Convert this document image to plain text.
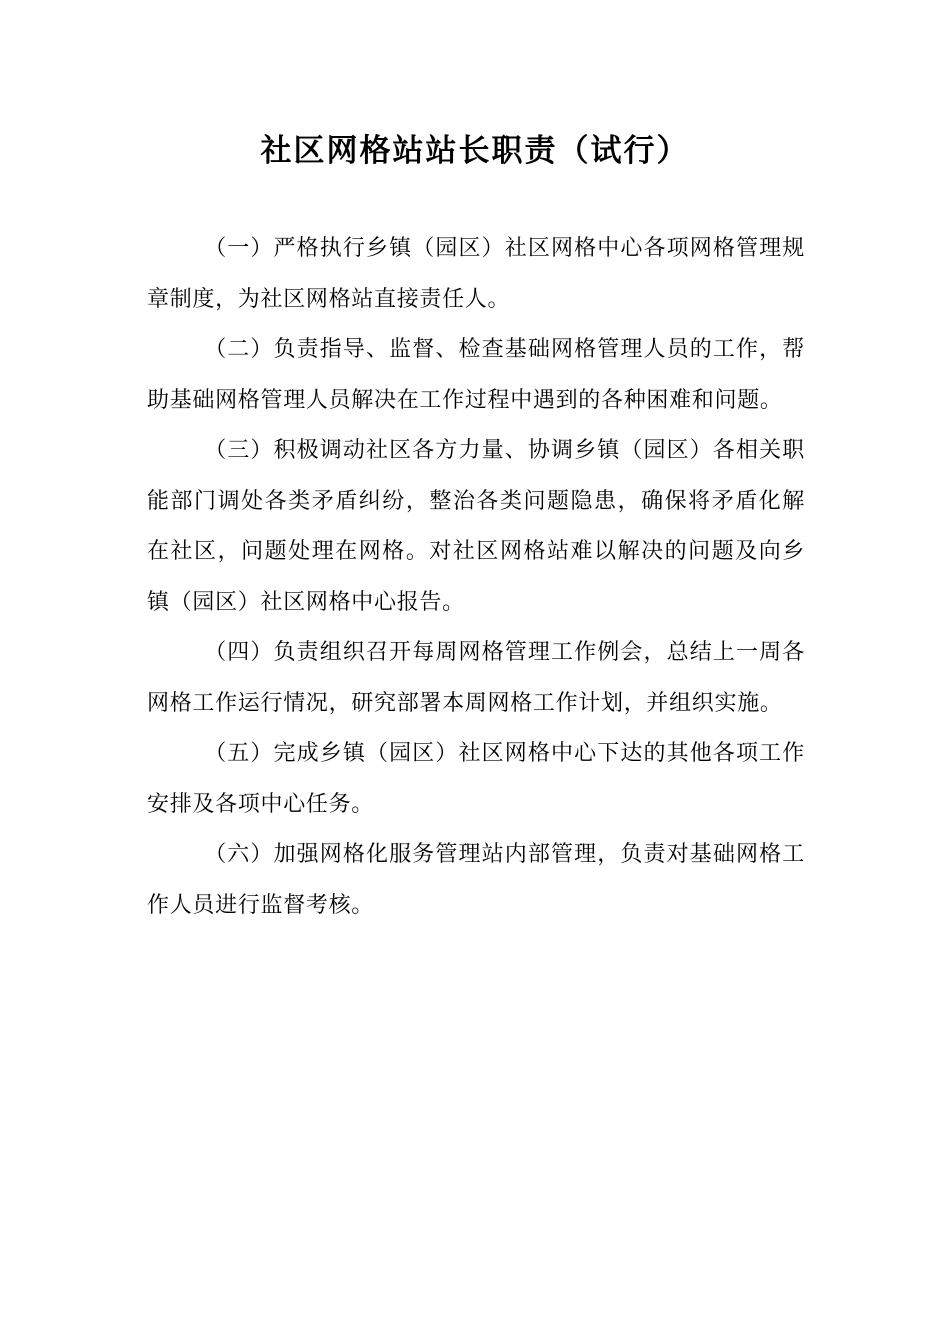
社区网格站站长职责（试行）

（一）严格执行乡镇（园区）社区网格中心各项网格管理规章制度，为社区网格站直接责任人。

（二）负责指导、监督、检查基础网格管理人员的工作，帮助基础网格管理人员解决在工作过程中遇到的各种困难和问题。

（三）积极调动社区各方力量、协调乡镇（园区）各相关职能部门调处各类矛盾纠纷，整治各类问题隐患，确保将矛盾化解在社区，问题处理在网格。对社区网格站难以解决的问题及向乡镇（园区）社区网格中心报告。

（四）负责组织召开每周网格管理工作例会，总结上一周各网格工作运行情况，研究部署本周网格工作计划，并组织实施。

（五）完成乡镇（园区）社区网格中心下达的其他各项工作安排及各项中心任务。

（六）加强网格化服务管理站内部管理，负责对基础网格工作人员进行监督考核。
